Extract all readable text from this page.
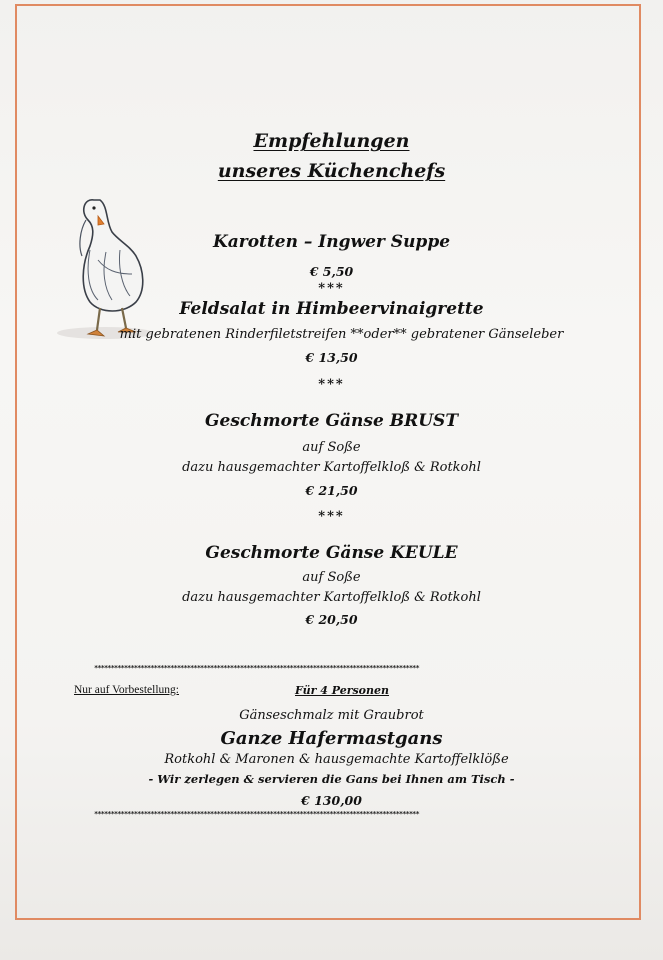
Empfehlungen
unseres Küchenchefs
Karotten – Ingwer Suppe
€ 5,50
***
Feldsalat in Himbeervinaigrette
mit gebratenen Rinderfiletstreifen **oder** gebratener Gänseleber
€ 13,50
***
Geschmorte Gänse BRUST
auf Soße
dazu hausgemachter Kartoffelkloß & Rotkohl
€ 21,50
***
Geschmorte Gänse KEULE
auf Soße
dazu hausgemachter Kartoffelkloß & Rotkohl
€ 20,50
**************************************************************************************************
Nur auf Vorbestellung:	Für 4 Personen
Gänseschmalz mit Graubrot
Ganze Hafermastgans
Rotkohl & Maronen & hausgemachte Kartoffelklöße
- Wir zerlegen & servieren die Gans bei Ihnen am Tisch -
€ 130,00
**************************************************************************************************
